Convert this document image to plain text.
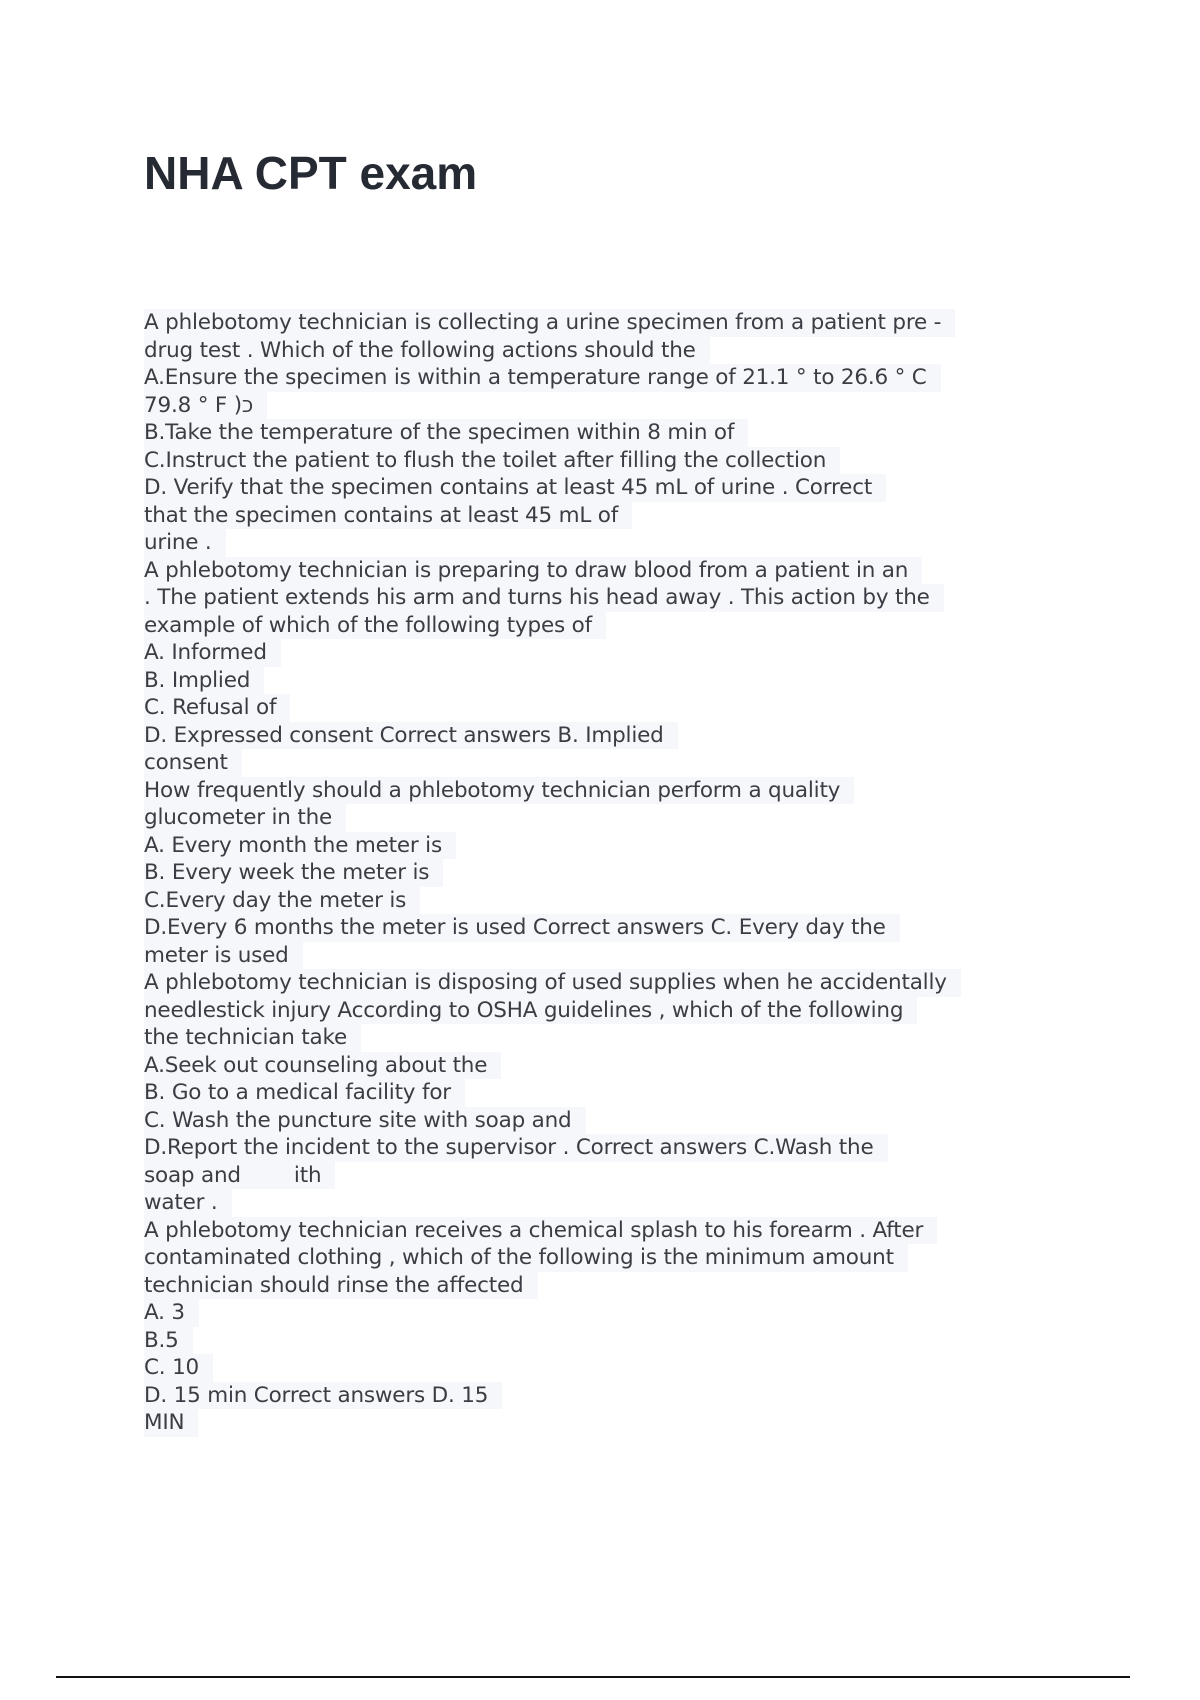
NHA CPT exam
A phlebotomy technician is collecting a urine specimen from a patient pre -
drug test . Which of the following actions should the
A.Ensure the specimen is within a temperature range of 21.1 ° to 26.6 ° C
79.8 ° F )כ
B.Take the temperature of the specimen within 8 min of
C.Instruct the patient to flush the toilet after filling the collection
D. Verify that the specimen contains at least 45 mL of urine . Correct
that the specimen contains at least 45 mL of
urine .
A phlebotomy technician is preparing to draw blood from a patient in an
. The patient extends his arm and turns his head away . This action by the
example of which of the following types of
A. Informed
B. Implied
C. Refusal of
D. Expressed consent Correct answers B. Implied
consent
How frequently should a phlebotomy technician perform a quality
glucometer in the
A. Every month the meter is
B. Every week the meter is
C.Every day the meter is
D.Every 6 months the meter is used Correct answers C. Every day the
meter is used
A phlebotomy technician is disposing of used supplies when he accidentally
needlestick injury According to OSHA guidelines , which of the following
the technician take
A.Seek out counseling about the
B. Go to a medical facility for
C. Wash the puncture site with soap and
D.Report the incident to the supervisor . Correct answers C.Wash the
soap and        ith
water .
A phlebotomy technician receives a chemical splash to his forearm . After
contaminated clothing , which of the following is the minimum amount
technician should rinse the affected
A. 3
B.5
C. 10
D. 15 min Correct answers D. 15
MIN
